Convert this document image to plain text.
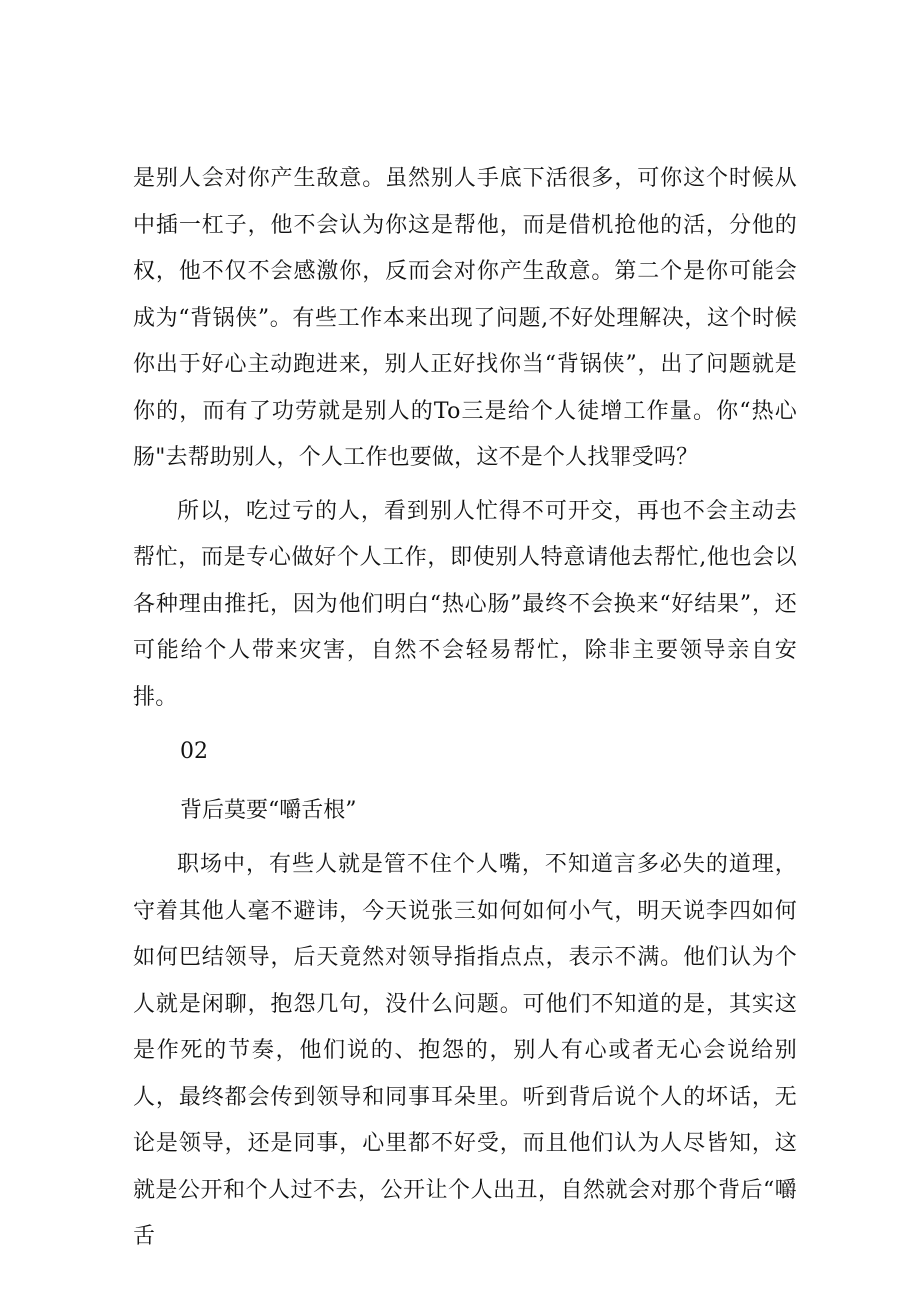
是别人会对你产生敌意。虽然别人手底下活很多，可你这个时候从中插一杠子，他不会认为你这是帮他，而是借机抢他的活，分他的权，他不仅不会感激你，反而会对你产生敌意。第二个是你可能会成为“背锅侠”。有些工作本来出现了问题,不好处理解决，这个时候你出于好心主动跑进来，别人正好找你当“背锅侠”，出了问题就是你的，而有了功劳就是别人的To三是给个人徒增工作量。你“热心肠"去帮助别人，个人工作也要做，这不是个人找罪受吗？

所以，吃过亏的人，看到别人忙得不可开交，再也不会主动去帮忙，而是专心做好个人工作，即使别人特意请他去帮忙,他也会以各种理由推托，因为他们明白“热心肠”最终不会换来“好结果”，还可能给个人带来灾害，自然不会轻易帮忙，除非主要领导亲自安排。

02
背后莫要“嚼舌根”

职场中，有些人就是管不住个人嘴，不知道言多必失的道理，守着其他人毫不避讳，今天说张三如何如何小气，明天说李四如何如何巴结领导，后天竟然对领导指指点点，表示不满。他们认为个人就是闲聊，抱怨几句，没什么问题。可他们不知道的是，其实这是作死的节奏，他们说的、抱怨的，别人有心或者无心会说给别人，最终都会传到领导和同事耳朵里。听到背后说个人的坏话，无论是领导，还是同事，心里都不好受，而且他们认为人尽皆知，这就是公开和个人过不去，公开让个人出丑，自然就会对那个背后“嚼舌
